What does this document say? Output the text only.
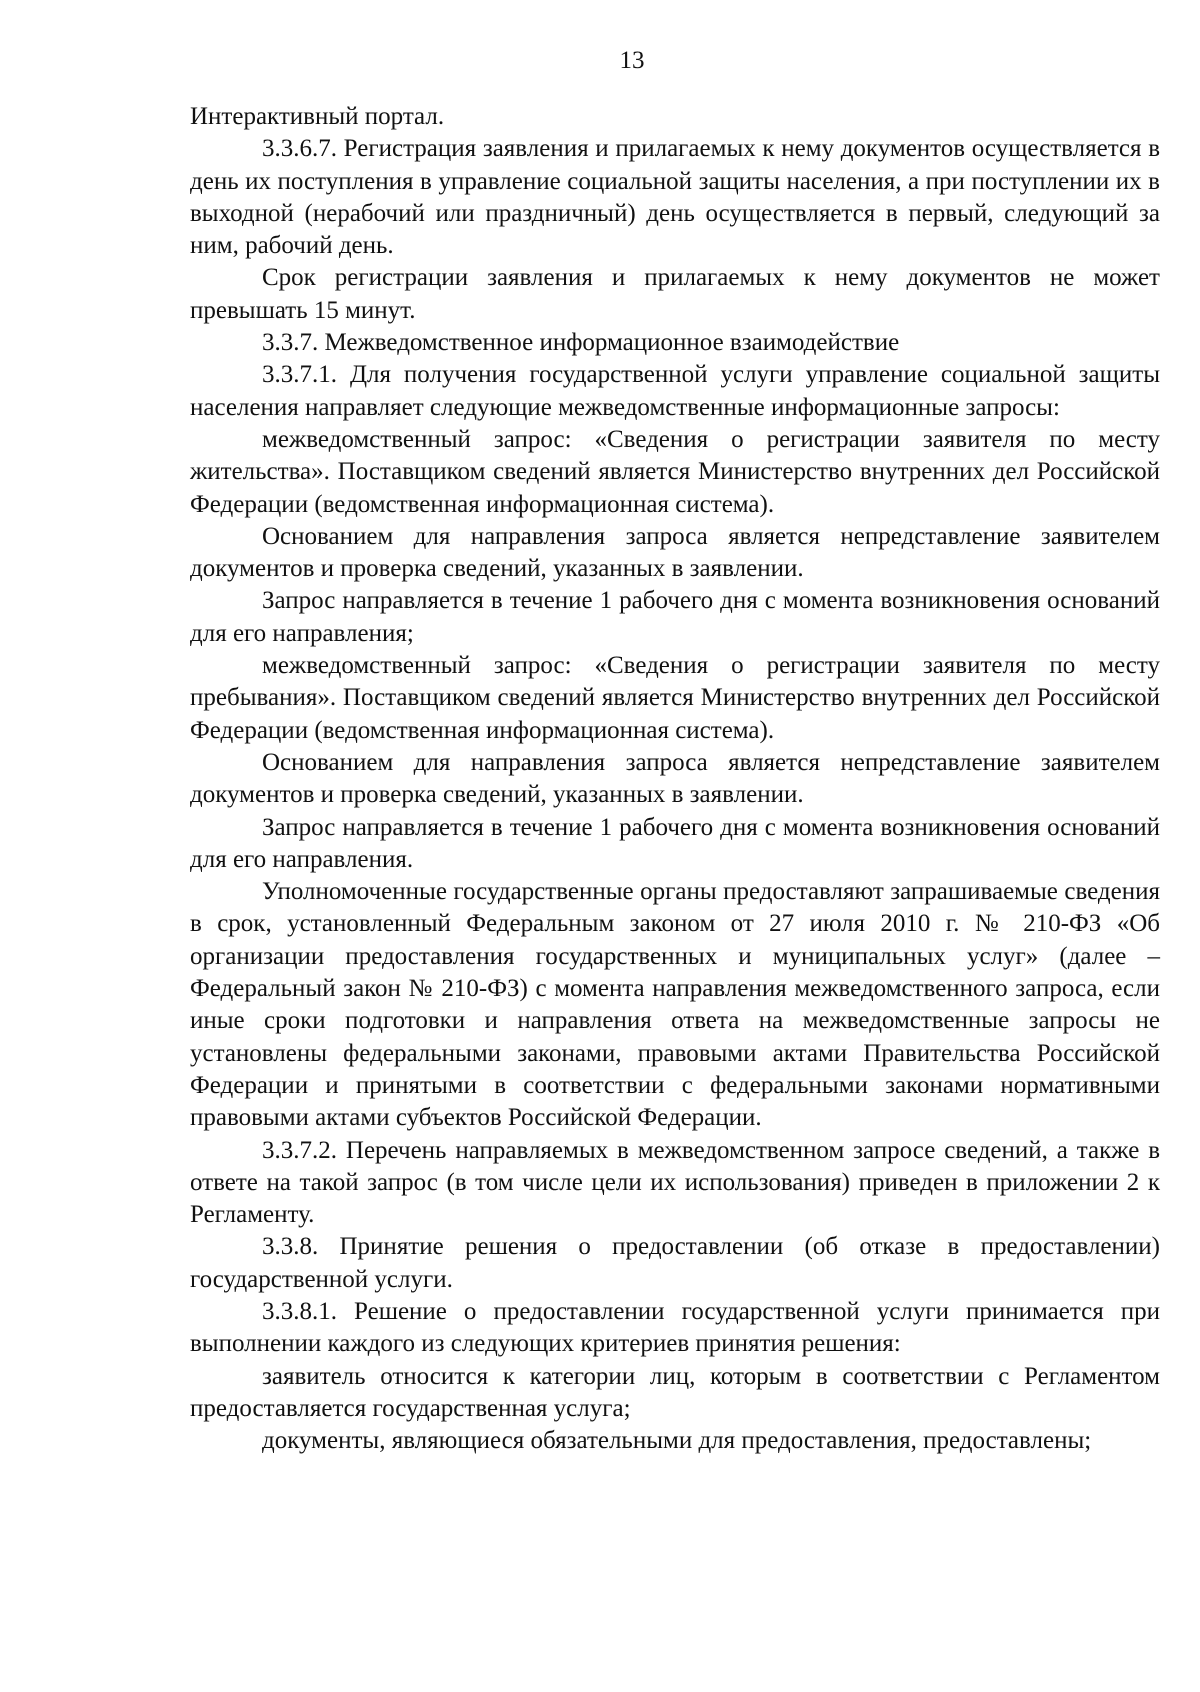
13

Интерактивный портал.

3.3.6.7. Регистрация заявления и прилагаемых к нему документов осуществляется в день их поступления в управление социальной защиты населения, а при поступлении их в выходной (нерабочий или праздничный) день осуществляется в первый, следующий за ним, рабочий день.

Срок регистрации заявления и прилагаемых к нему документов не может превышать 15 минут.

3.3.7. Межведомственное информационное взаимодействие

3.3.7.1. Для получения государственной услуги управление социальной защиты населения направляет следующие межведомственные информационные запросы:

межведомственный запрос: «Сведения о регистрации заявителя по месту жительства». Поставщиком сведений является Министерство внутренних дел Российской Федерации (ведомственная информационная система).

Основанием для направления запроса является непредставление заявителем документов и проверка сведений, указанных в заявлении.

Запрос направляется в течение 1 рабочего дня с момента возникновения оснований для его направления;

межведомственный запрос: «Сведения о регистрации заявителя по месту пребывания». Поставщиком сведений является Министерство внутренних дел Российской Федерации (ведомственная информационная система).

Основанием для направления запроса является непредставление заявителем документов и проверка сведений, указанных в заявлении.

Запрос направляется в течение 1 рабочего дня с момента возникновения оснований для его направления.

Уполномоченные государственные органы предоставляют запрашиваемые сведения в срок, установленный Федеральным законом от 27 июля 2010 г. № 210-ФЗ «Об организации предоставления государственных и муниципальных услуг» (далее – Федеральный закон № 210-ФЗ) с момента направления межведомственного запроса, если иные сроки подготовки и направления ответа на межведомственные запросы не установлены федеральными законами, правовыми актами Правительства Российской Федерации и принятыми в соответствии с федеральными законами нормативными правовыми актами субъектов Российской Федерации.

3.3.7.2. Перечень направляемых в межведомственном запросе сведений, а также в ответе на такой запрос (в том числе цели их использования) приведен в приложении 2 к Регламенту.

3.3.8. Принятие решения о предоставлении (об отказе в предоставлении) государственной услуги.

3.3.8.1. Решение о предоставлении государственной услуги принимается при выполнении каждого из следующих критериев принятия решения:

заявитель относится к категории лиц, которым в соответствии с Регламентом предоставляется государственная услуга;

документы, являющиеся обязательными для предоставления, предоставлены;
